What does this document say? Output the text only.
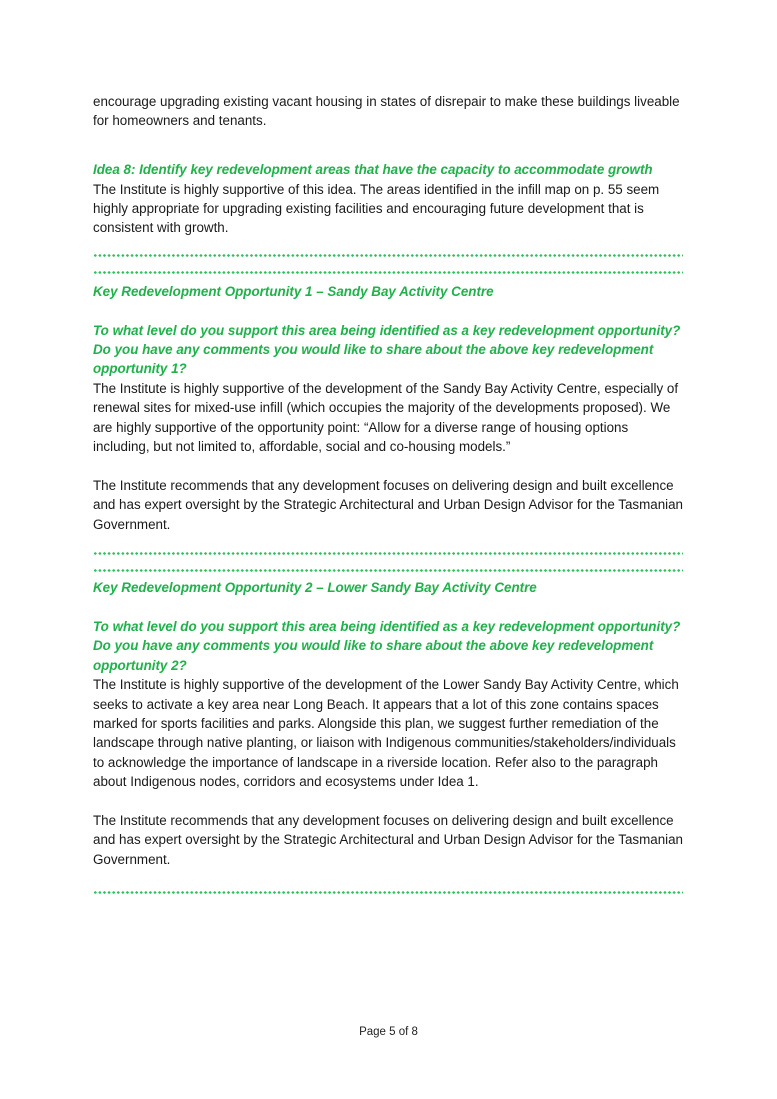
encourage upgrading existing vacant housing in states of disrepair to make these buildings liveable for homeowners and tenants.

Idea 8: Identify key redevelopment areas that have the capacity to accommodate growth

The Institute is highly supportive of this idea. The areas identified in the infill map on p. 55 seem highly appropriate for upgrading existing facilities and encouraging future development that is consistent with growth.

Key Redevelopment Opportunity 1 – Sandy Bay Activity Centre

To what level do you support this area being identified as a key redevelopment opportunity? Do you have any comments you would like to share about the above key redevelopment opportunity 1?

The Institute is highly supportive of the development of the Sandy Bay Activity Centre, especially of renewal sites for mixed-use infill (which occupies the majority of the developments proposed). We are highly supportive of the opportunity point: “Allow for a diverse range of housing options including, but not limited to, affordable, social and co-housing models.”

The Institute recommends that any development focuses on delivering design and built excellence and has expert oversight by the Strategic Architectural and Urban Design Advisor for the Tasmanian Government.

Key Redevelopment Opportunity 2 – Lower Sandy Bay Activity Centre

To what level do you support this area being identified as a key redevelopment opportunity? Do you have any comments you would like to share about the above key redevelopment opportunity 2?

The Institute is highly supportive of the development of the Lower Sandy Bay Activity Centre, which seeks to activate a key area near Long Beach. It appears that a lot of this zone contains spaces marked for sports facilities and parks. Alongside this plan, we suggest further remediation of the landscape through native planting, or liaison with Indigenous communities/stakeholders/individuals to acknowledge the importance of landscape in a riverside location. Refer also to the paragraph about Indigenous nodes, corridors and ecosystems under Idea 1.

The Institute recommends that any development focuses on delivering design and built excellence and has expert oversight by the Strategic Architectural and Urban Design Advisor for the Tasmanian Government.

Page 5 of 8
